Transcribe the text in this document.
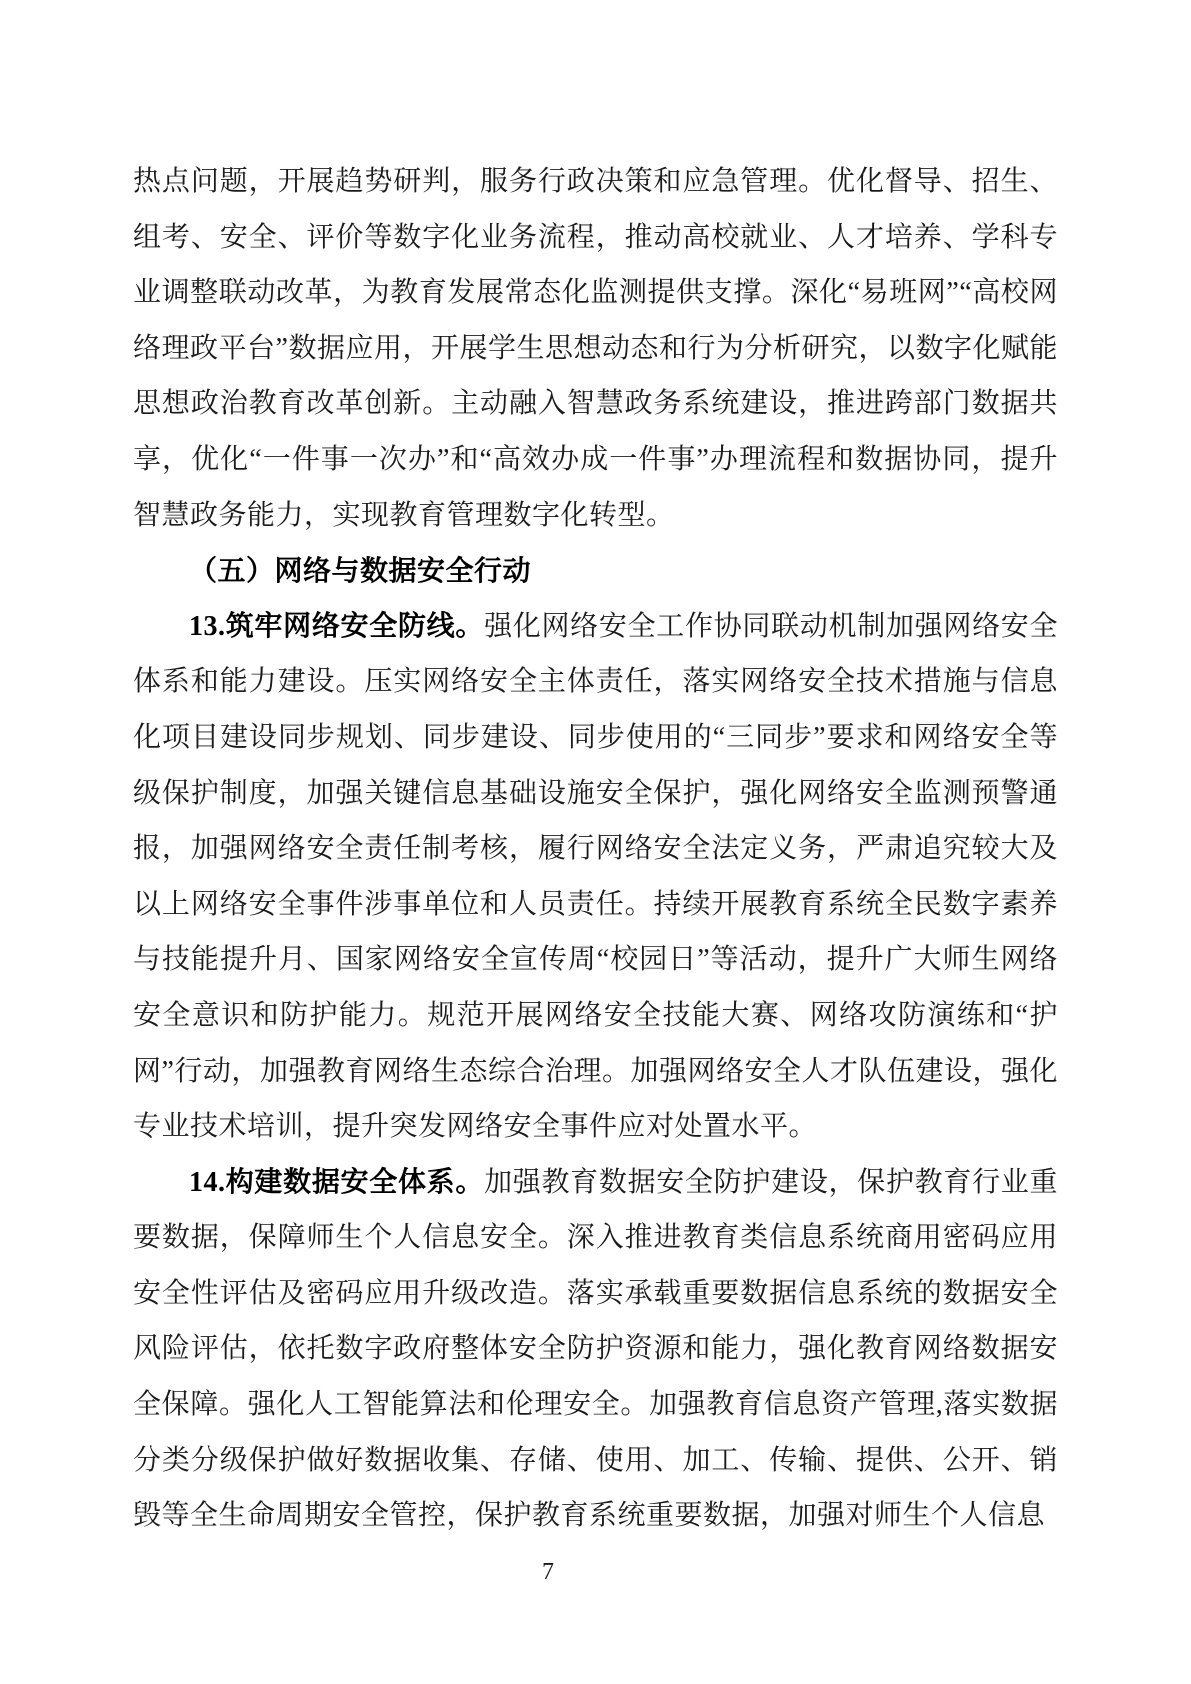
热点问题，开展趋势研判，服务行政决策和应急管理。优化督导、招生、组考、安全、评价等数字化业务流程，推动高校就业、人才培养、学科专业调整联动改革，为教育发展常态化监测提供支撑。深化“易班网”“高校网络理政平台”数据应用，开展学生思想动态和行为分析研究，以数字化赋能思想政治教育改革创新。主动融入智慧政务系统建设，推进跨部门数据共享，优化“一件事一次办”和“高效办成一件事”办理流程和数据协同，提升智慧政务能力，实现教育管理数字化转型。

（五）网络与数据安全行动

13.筑牢网络安全防线。强化网络安全工作协同联动机制加强网络安全体系和能力建设。压实网络安全主体责任，落实网络安全技术措施与信息化项目建设同步规划、同步建设、同步使用的“三同步”要求和网络安全等级保护制度，加强关键信息基础设施安全保护，强化网络安全监测预警通报，加强网络安全责任制考核，履行网络安全法定义务，严肃追究较大及以上网络安全事件涉事单位和人员责任。持续开展教育系统全民数字素养与技能提升月、国家网络安全宣传周“校园日”等活动，提升广大师生网络安全意识和防护能力。规范开展网络安全技能大赛、网络攻防演练和“护网”行动，加强教育网络生态综合治理。加强网络安全人才队伍建设，强化专业技术培训，提升突发网络安全事件应对处置水平。

14.构建数据安全体系。加强教育数据安全防护建设，保护教育行业重要数据，保障师生个人信息安全。深入推进教育类信息系统商用密码应用安全性评估及密码应用升级改造。落实承载重要数据信息系统的数据安全风险评估，依托数字政府整体安全防护资源和能力，强化教育网络数据安全保障。强化人工智能算法和伦理安全。加强教育信息资产管理,落实数据分类分级保护做好数据收集、存储、使用、加工、传输、提供、公开、销毁等全生命周期安全管控，保护教育系统重要数据，加强对师生个人信息

7
